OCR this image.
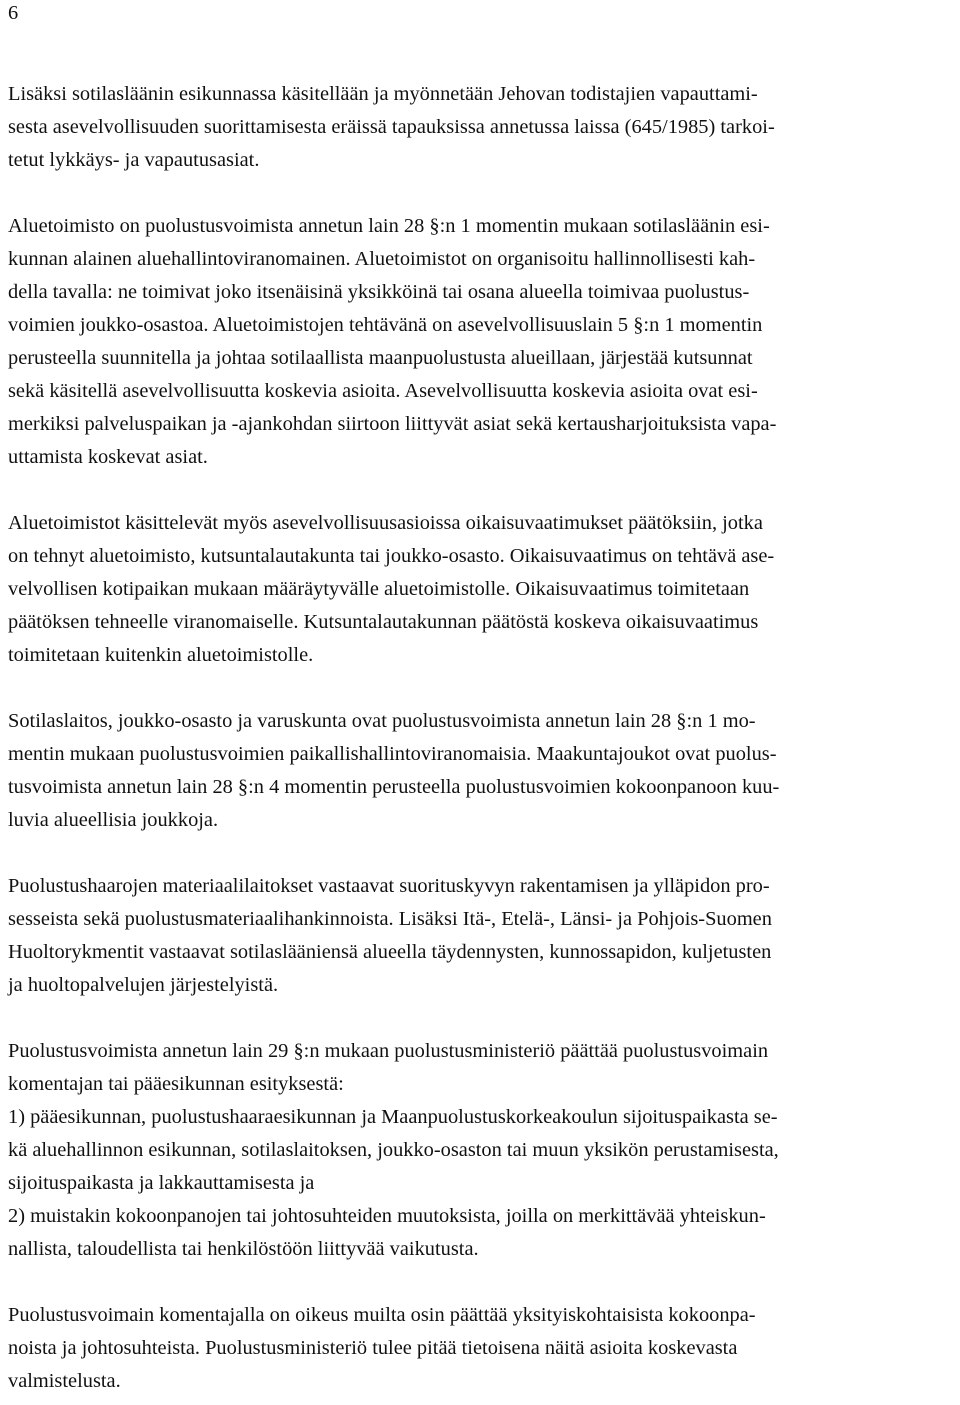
6

Lisäksi sotilasläänin esikunnassa käsitellään ja myönnetään Jehovan todistajien vapauttami-
sesta asevelvollisuuden suorittamisesta eräissä tapauksissa annetussa laissa (645/1985) tarkoi-
tetut lykkäys- ja vapautusasiat.

Aluetoimisto on puolustusvoimista annetun lain 28 §:n 1 momentin mukaan sotilasläänin esi-
kunnan alainen aluehallintoviranomainen. Aluetoimistot on organisoitu hallinnollisesti kah-
della tavalla: ne toimivat joko itsenäisinä yksikköinä tai osana alueella toimivaa puolustus-
voimien joukko-osastoa. Aluetoimistojen tehtävänä on asevelvollisuuslain 5 §:n 1 momentin
perusteella suunnitella ja johtaa sotilaallista maanpuolustusta alueillaan, järjestää kutsunnat
sekä käsitellä asevelvollisuutta koskevia asioita. Asevelvollisuutta koskevia asioita ovat esi-
merkiksi palveluspaikan ja -ajankohdan siirtoon liittyvät asiat sekä kertausharjoituksista vapa-
uttamista koskevat asiat.

Aluetoimistot käsittelevät myös asevelvollisuusasioissa oikaisuvaatimukset päätöksiin, jotka
on tehnyt aluetoimisto, kutsuntalautakunta tai joukko-osasto. Oikaisuvaatimus on tehtävä ase-
velvollisen kotipaikan mukaan määräytyvälle aluetoimistolle. Oikaisuvaatimus toimitetaan
päätöksen tehneelle viranomaiselle. Kutsuntalautakunnan päätöstä koskeva oikaisuvaatimus
toimitetaan kuitenkin aluetoimistolle.

Sotilaslaitos, joukko-osasto ja varuskunta ovat puolustusvoimista annetun lain 28 §:n 1 mo-
mentin mukaan puolustusvoimien paikallishallintoviranomaisia. Maakuntajoukot ovat puolus-
tusvoimista annetun lain 28 §:n 4 momentin perusteella puolustusvoimien kokoonpanoon kuu-
luvia alueellisia joukkoja.

Puolustushaarojen materiaalilaitokset vastaavat suorituskyvyn rakentamisen ja ylläpidon pro-
sesseista sekä puolustusmateriaalihankinnoista. Lisäksi Itä-, Etelä-, Länsi- ja Pohjois-Suomen
Huoltorykmentit vastaavat sotilaslääniensä alueella täydennysten, kunnossapidon, kuljetusten
ja huoltopalvelujen järjestelyistä.

Puolustusvoimista annetun lain 29 §:n mukaan puolustusministeriö päättää puolustusvoimain
komentajan tai pääesikunnan esityksestä:
1) pääesikunnan, puolustushaaraesikunnan ja Maanpuolustuskorkeakoulun sijoituspaikasta se-
kä aluehallinnon esikunnan, sotilaslaitoksen, joukko-osaston tai muun yksikön perustamisesta,
sijoituspaikasta ja lakkauttamisesta ja
2) muistakin kokoonpanojen tai johtosuhteiden muutoksista, joilla on merkittävää yhteiskun-
nallista, taloudellista tai henkilöstöön liittyvää vaikutusta.

Puolustusvoimain komentajalla on oikeus muilta osin päättää yksityiskohtaisista kokoonpa-
noista ja johtosuhteista. Puolustusministeriö tulee pitää tietoisena näitä asioita koskevasta
valmistelusta.
